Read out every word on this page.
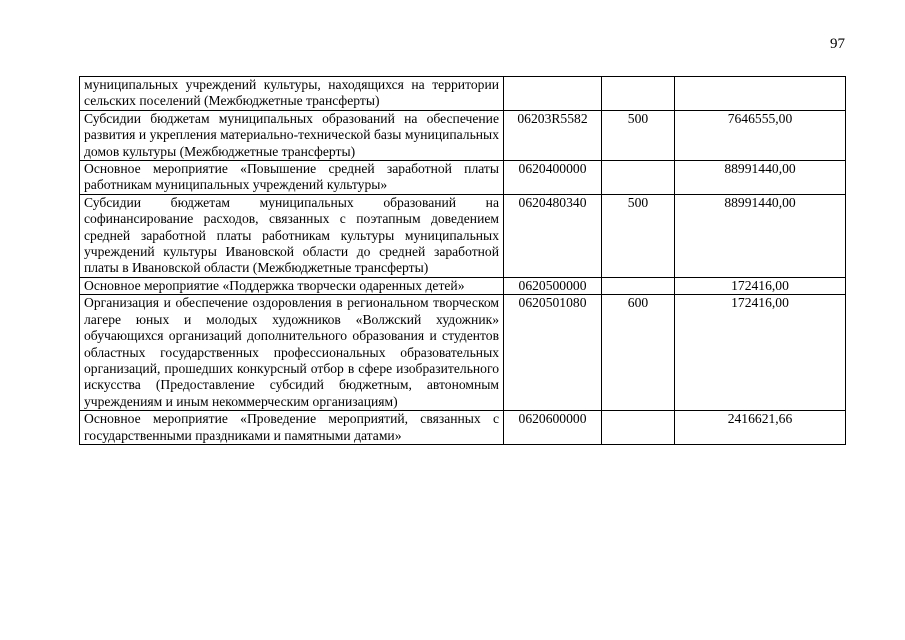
97
муниципальных учреждений культуры, находящихся на территории сельских поселений (Межбюджетные трансферты)			
Субсидии бюджетам муниципальных образований на обеспечение развития и укрепления материально-технической базы муниципальных домов культуры (Межбюджетные трансферты)	06203R5582	500	7646555,00
Основное мероприятие «Повышение средней заработной платы работникам муниципальных учреждений культуры»	0620400000		88991440,00
Субсидии бюджетам муниципальных образований на софинансирование расходов, связанных с поэтапным доведением средней заработной платы работникам культуры муниципальных учреждений культуры Ивановской области до средней заработной платы в Ивановской области (Межбюджетные трансферты)	0620480340	500	88991440,00
Основное мероприятие «Поддержка творчески одаренных детей»	0620500000		172416,00
Организация и обеспечение оздоровления в региональном творческом лагере юных и молодых художников «Волжский художник» обучающихся организаций дополнительного образования и студентов областных государственных профессиональных образовательных организаций, прошедших конкурсный отбор в сфере изобразительного искусства (Предоставление субсидий бюджетным, автономным учреждениям и иным некоммерческим организациям)	0620501080	600	172416,00
Основное мероприятие «Проведение мероприятий, связанных с государственными праздниками и памятными датами»	0620600000		2416621,66
